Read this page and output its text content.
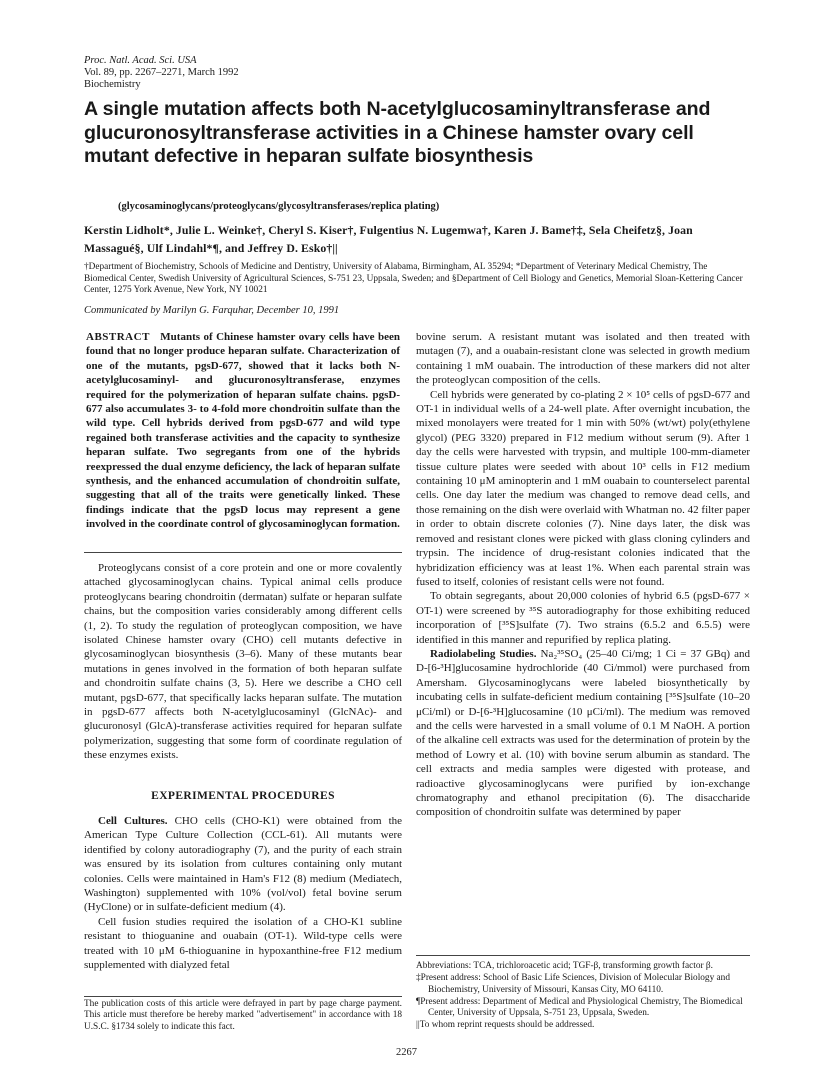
Proc. Natl. Acad. Sci. USA
Vol. 89, pp. 2267–2271, March 1992
Biochemistry
A single mutation affects both N-acetylglucosaminyltransferase and glucuronosyltransferase activities in a Chinese hamster ovary cell mutant defective in heparan sulfate biosynthesis
(glycosaminoglycans/proteoglycans/glycosyltransferases/replica plating)
Kerstin Lidholt*, Julie L. Weinke†, Cheryl S. Kiser†, Fulgentius N. Lugemwa†, Karen J. Bame†‡, Sela Cheifetz§, Joan Massagué§, Ulf Lindahl*¶, and Jeffrey D. Esko†||
†Department of Biochemistry, Schools of Medicine and Dentistry, University of Alabama, Birmingham, AL 35294; *Department of Veterinary Medical Chemistry, The Biomedical Center, Swedish University of Agricultural Sciences, S-751 23, Uppsala, Sweden; and §Department of Cell Biology and Genetics, Memorial Sloan-Kettering Cancer Center, 1275 York Avenue, New York, NY 10021
Communicated by Marilyn G. Farquhar, December 10, 1991

ABSTRACT Mutants of Chinese hamster ovary cells have been found that no longer produce heparan sulfate. Characterization of one of the mutants, pgsD-677, showed that it lacks both N-acetylglucosaminyl- and glucuronosyltransferase, enzymes required for the polymerization of heparan sulfate chains. pgsD-677 also accumulates 3- to 4-fold more chondroitin sulfate than the wild type. Cell hybrids derived from pgsD-677 and wild type regained both transferase activities and the capacity to synthesize heparan sulfate. Two segregants from one of the hybrids reexpressed the dual enzyme deficiency, the lack of heparan sulfate synthesis, and the enhanced accumulation of chondroitin sulfate, suggesting that all of the traits were genetically linked. These findings indicate that the pgsD locus may represent a gene involved in the coordinate control of glycosaminoglycan formation.

Proteoglycans consist of a core protein and one or more covalently attached glycosaminoglycan chains. Typical animal cells produce proteoglycans bearing chondroitin (dermatan) sulfate or heparan sulfate chains, but the composition varies considerably among different cells (1, 2). To study the regulation of proteoglycan composition, we have isolated Chinese hamster ovary (CHO) cell mutants defective in glycosaminoglycan biosynthesis (3–6). Many of these mutants bear mutations in genes involved in the formation of both heparan sulfate and chondroitin sulfate chains (3, 5). Here we describe a CHO cell mutant, pgsD-677, that specifically lacks heparan sulfate. The mutation in pgsD-677 affects both N-acetylglucosaminyl (GlcNAc)- and glucuronosyl (GlcA)-transferase activities required for heparan sulfate polymerization, suggesting that some form of coordinate regulation of these enzymes exists.

EXPERIMENTAL PROCEDURES

Cell Cultures. CHO cells (CHO-K1) were obtained from the American Type Culture Collection (CCL-61). All mutants were identified by colony autoradiography (7), and the purity of each strain was ensured by its isolation from cultures containing only mutant colonies. Cells were maintained in Ham's F12 (8) medium (Mediatech, Washington) supplemented with 10% (vol/vol) fetal bovine serum (HyClone) or in sulfate-deficient medium (4).

Cell fusion studies required the isolation of a CHO-K1 subline resistant to thioguanine and ouabain (OT-1). Wild-type cells were treated with 10 μM 6-thioguanine in hypoxanthine-free F12 medium supplemented with dialyzed fetal

The publication costs of this article were defrayed in part by page charge payment. This article must therefore be hereby marked "advertisement" in accordance with 18 U.S.C. §1734 solely to indicate this fact.

bovine serum. A resistant mutant was isolated and then treated with mutagen (7), and a ouabain-resistant clone was selected in growth medium containing 1 mM ouabain. The introduction of these markers did not alter the proteoglycan composition of the cells.

Cell hybrids were generated by co-plating 2 × 10⁵ cells of pgsD-677 and OT-1 in individual wells of a 24-well plate. After overnight incubation, the mixed monolayers were treated for 1 min with 50% (wt/wt) poly(ethylene glycol) (PEG 3320) prepared in F12 medium without serum (9). After 1 day the cells were harvested with trypsin, and multiple 100-mm-diameter tissue culture plates were seeded with about 10³ cells in F12 medium containing 10 μM aminopterin and 1 mM ouabain to counterselect parental cells. One day later the medium was changed to remove dead cells, and those remaining on the dish were overlaid with Whatman no. 42 filter paper in order to obtain discrete colonies (7). Nine days later, the disk was removed and resistant clones were picked with glass cloning cylinders and trypsin. The incidence of drug-resistant colonies indicated that the hybridization efficiency was at least 1%. When each parental strain was fused to itself, colonies of resistant cells were not found.

To obtain segregants, about 20,000 colonies of hybrid 6.5 (pgsD-677 × OT-1) were screened by ³⁵S autoradiography for those exhibiting reduced incorporation of [³⁵S]sulfate (7). Two strains (6.5.2 and 6.5.5) were identified in this manner and repurified by replica plating.

Radiolabeling Studies. Na₂³⁵SO₄ (25–40 Ci/mg; 1 Ci = 37 GBq) and D-[6-³H]glucosamine hydrochloride (40 Ci/mmol) were purchased from Amersham. Glycosaminoglycans were labeled biosynthetically by incubating cells in sulfate-deficient medium containing [³⁵S]sulfate (10–20 μCi/ml) or D-[6-³H]glucosamine (10 μCi/ml). The medium was removed and the cells were harvested in a small volume of 0.1 M NaOH. A portion of the alkaline cell extracts was used for the determination of protein by the method of Lowry et al. (10) with bovine serum albumin as standard. The cell extracts and media samples were digested with protease, and radioactive glycosaminoglycans were purified by ion-exchange chromatography and ethanol precipitation (6). The disaccharide composition of chondroitin sulfate was determined by paper

Abbreviations: TCA, trichloroacetic acid; TGF-β, transforming growth factor β.

‡Present address: School of Basic Life Sciences, Division of Molecular Biology and Biochemistry, University of Missouri, Kansas City, MO 64110.

¶Present address: Department of Medical and Physiological Chemistry, The Biomedical Center, University of Uppsala, S-751 23, Uppsala, Sweden.

||To whom reprint requests should be addressed.

2267
